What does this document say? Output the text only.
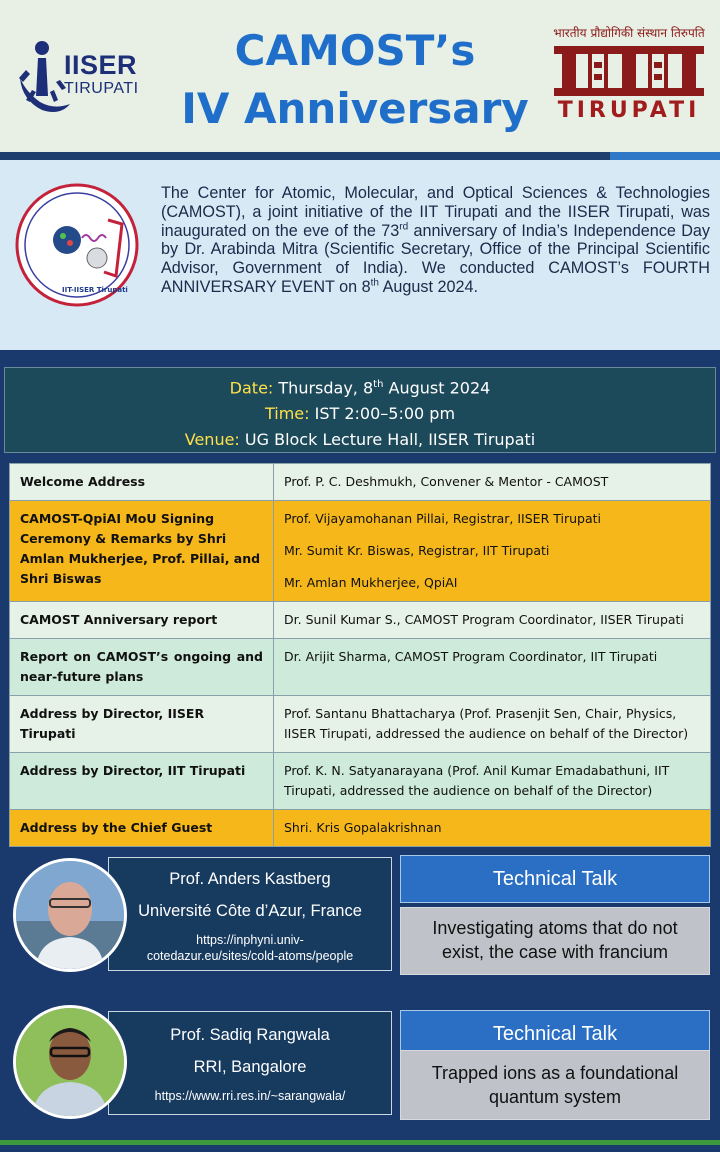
IISER
TIRUPATI
CAMOST’s
IV Anniversary
भारतीय प्रौद्योगिकी संस्थान तिरुपति
TIRUPATI
IIT-IISER Tirupati
The Center for Atomic, Molecular, and Optical Sciences & Technologies (CAMOST), a joint initiative of the IIT Tirupati and the IISER Tirupati, was inaugurated on the eve of the 73rd anniversary of India’s Independence Day by Dr. Arabinda Mitra (Scientific Secretary, Office of the Principal Scientific Advisor, Government of India). We conducted CAMOST’s FOURTH ANNIVERSARY EVENT on 8th August 2024.
Date: Thursday, 8th August 2024
Time: IST 2:00–5:00 pm
Venue: UG Block Lecture Hall, IISER Tirupati
Welcome Address	Prof. P. C. Deshmukh, Convener & Mentor - CAMOST
CAMOST-QpiAI MoU Signing Ceremony & Remarks by Shri Amlan Mukherjee, Prof. Pillai, and Shri Biswas	Prof. Vijayamohanan Pillai, Registrar, IISER Tirupati
Mr. Sumit Kr. Biswas, Registrar, IIT Tirupati
Mr. Amlan Mukherjee, QpiAI

CAMOST Anniversary report	Dr. Sunil Kumar S., CAMOST Program Coordinator, IISER Tirupati
Report on CAMOST’s ongoing and near-future plans	Dr. Arijit Sharma, CAMOST Program Coordinator, IIT Tirupati
Address by Director, IISER Tirupati	Prof. Santanu Bhattacharya (Prof. Prasenjit Sen, Chair, Physics, IISER Tirupati, addressed the audience on behalf of the Director)
Address by Director, IIT Tirupati	Prof. K. N. Satyanarayana (Prof. Anil Kumar Emadabathuni, IIT Tirupati, addressed the audience on behalf of the Director)
Address by the Chief Guest	Shri. Kris Gopalakrishnan
Prof. Anders Kastberg
Université Côte d’Azur, France
https://inphyni.univ-
cotedazur.eu/sites/cold-atoms/people
Technical Talk
Investigating atoms that do not
exist, the case with francium
Prof. Sadiq Rangwala
RRI, Bangalore
https://www.rri.res.in/~sarangwala/
Technical Talk
Trapped ions as a foundational
quantum system
